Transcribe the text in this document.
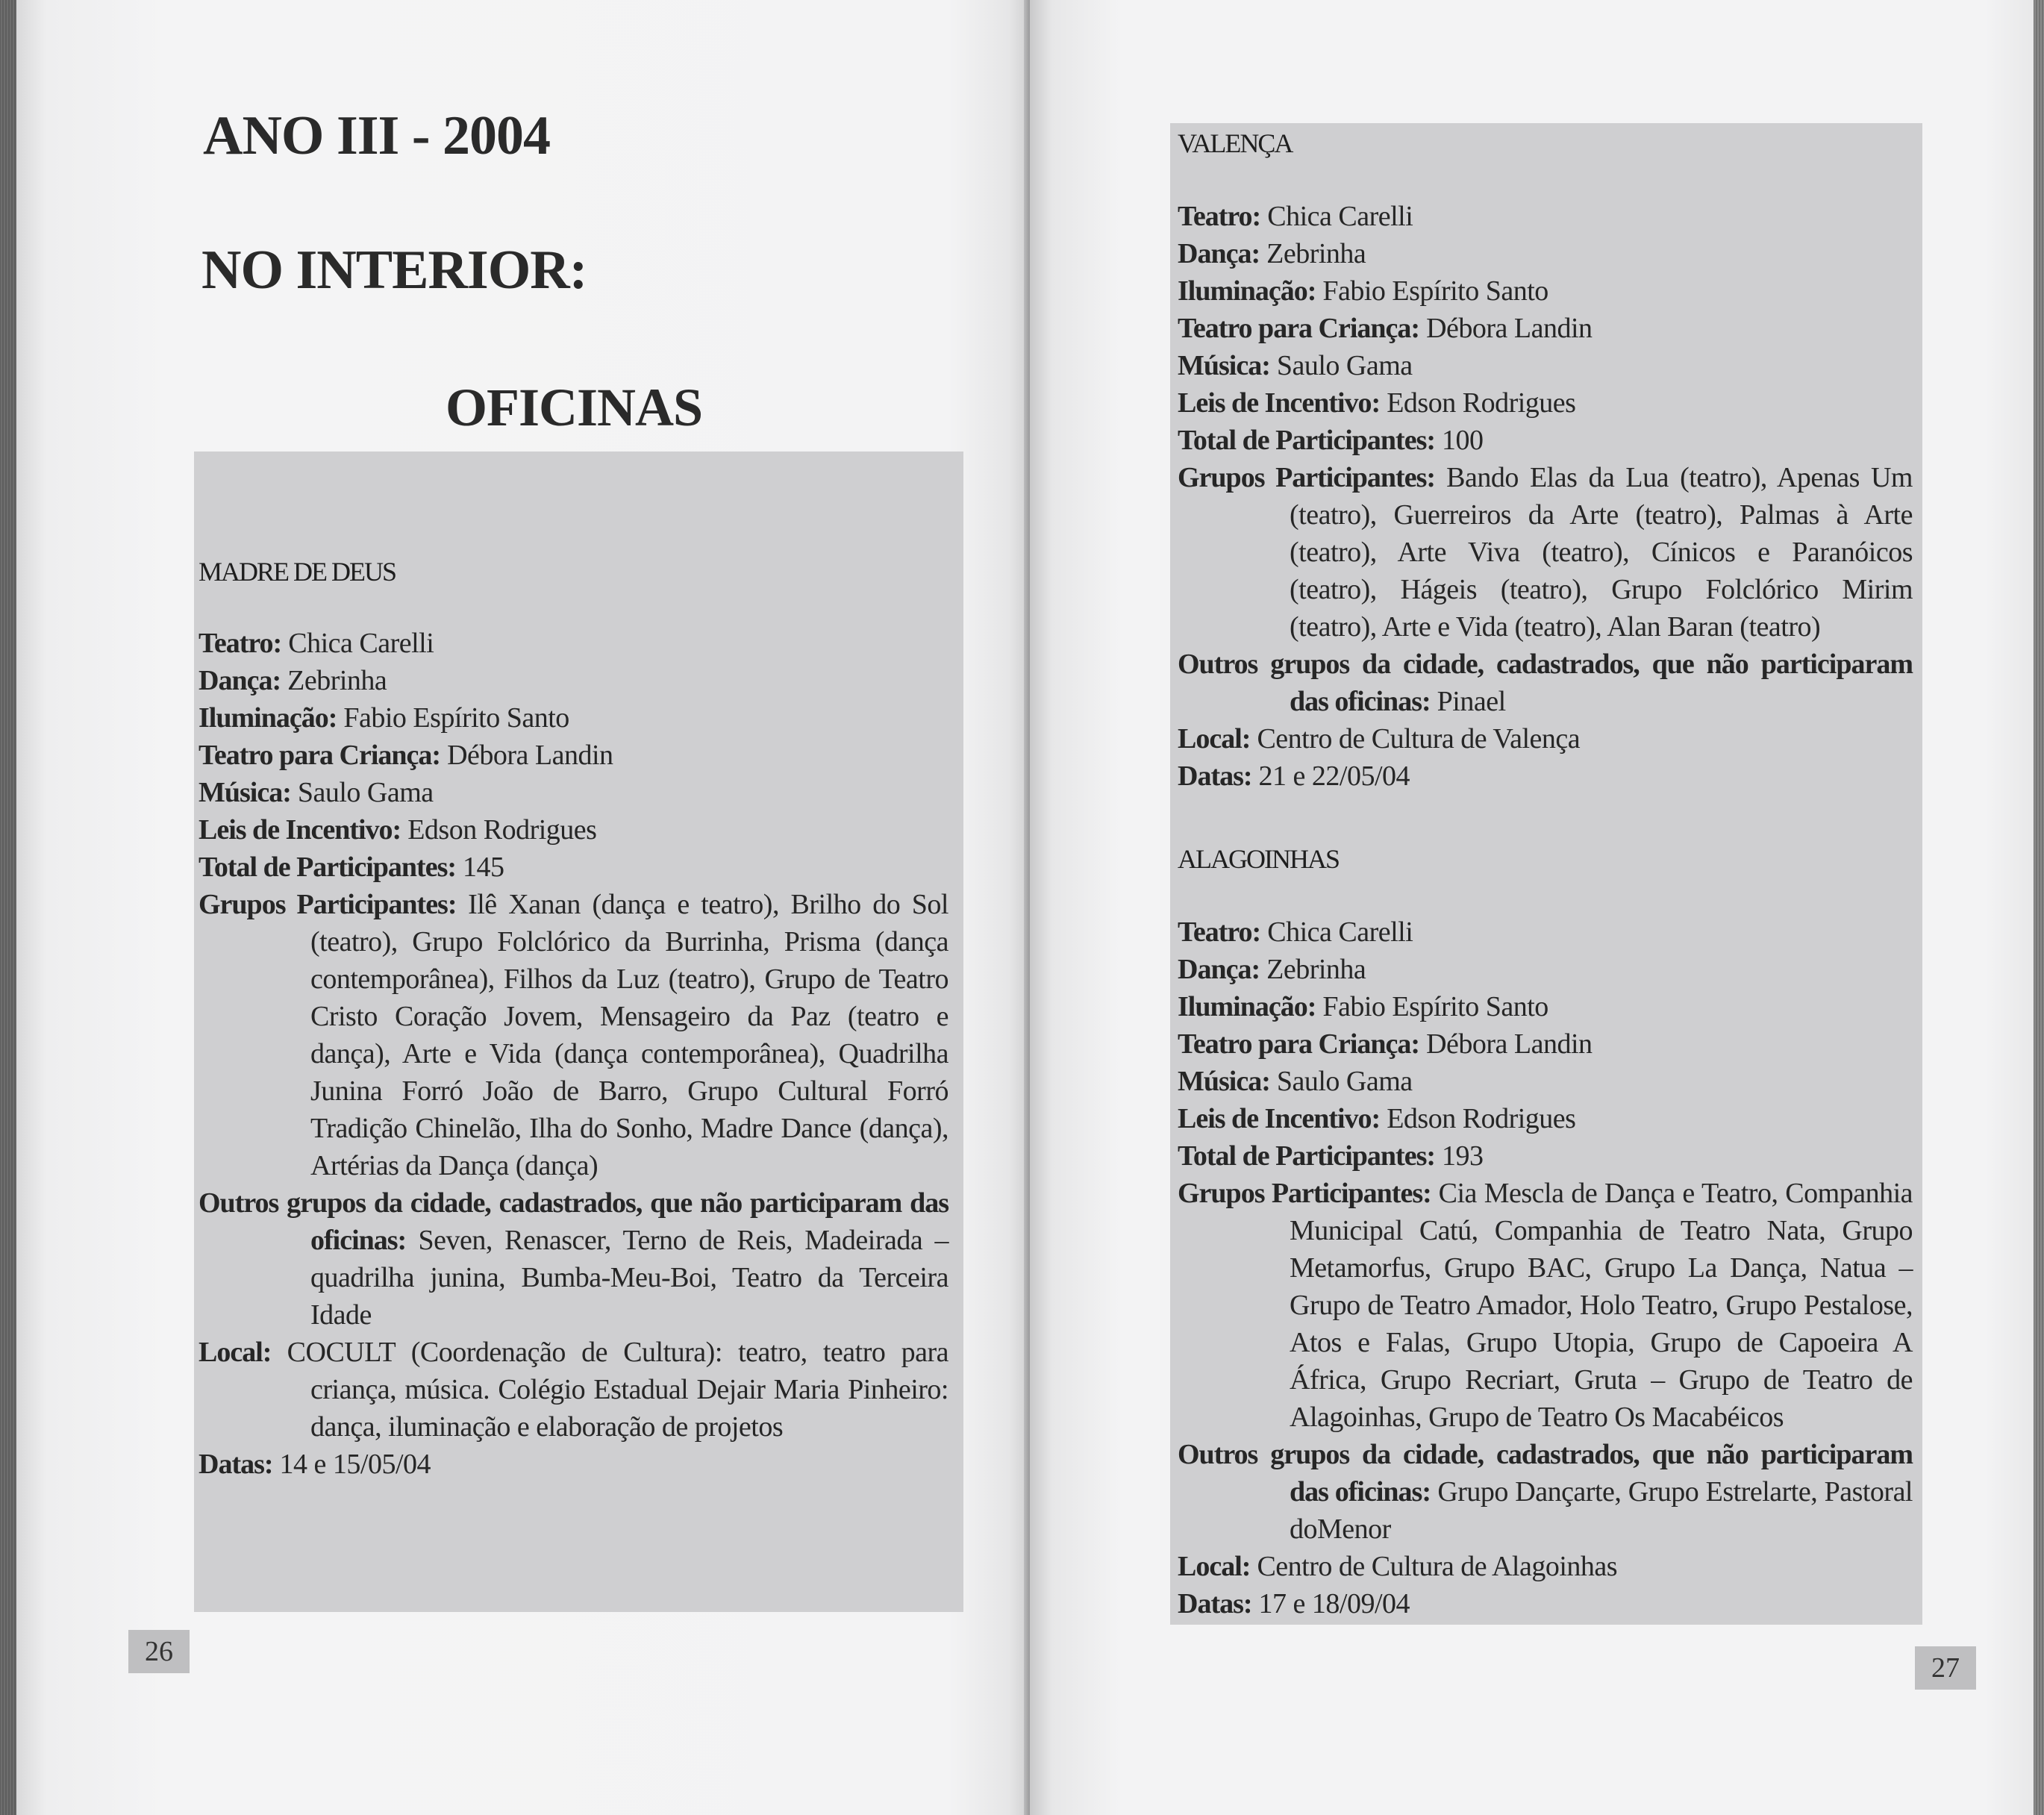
ANO III - 2004
NO INTERIOR:
OFICINAS

MADRE DE DEUS

Teatro: Chica Carelli

Dança: Zebrinha

Iluminação: Fabio Espírito Santo

Teatro para Criança: Débora Landin

Música: Saulo Gama

Leis de Incentivo: Edson Rodrigues

Total de Participantes: 145

Grupos Participantes: Ilê Xanan (dança e teatro), Brilho do Sol (teatro), Grupo Folclórico da Burrinha, Prisma (dança contemporânea), Filhos da Luz (teatro), Grupo de Teatro Cristo Coração Jovem, Mensageiro da Paz (teatro e dança), Arte e Vida (dança contemporânea), Quadrilha Junina Forró João de Barro, Grupo Cultural Forró Tradição Chinelão, Ilha do Sonho, Madre Dance (dança), Artérias da Dança (dança)

Outros grupos da cidade, cadastrados, que não participaram das oficinas: Seven, Renascer, Terno de Reis, Madeirada –quadrilha junina, Bumba-Meu-Boi, Teatro da Terceira Idade

Local: COCULT (Coordenação de Cultura): teatro, teatro para criança, música. Colégio Estadual Dejair Maria Pinheiro: dança, iluminação e elaboração de projetos

Datas: 14 e 15/05/04

26

VALENÇA

Teatro: Chica Carelli

Dança: Zebrinha

Iluminação: Fabio Espírito Santo

Teatro para Criança: Débora Landin

Música: Saulo Gama

Leis de Incentivo: Edson Rodrigues

Total de Participantes: 100

Grupos Participantes: Bando Elas da Lua (teatro), Apenas Um (teatro), Guerreiros da Arte (teatro), Palmas à Arte (teatro), Arte Viva (teatro), Cínicos e Paranóicos (teatro), Hágeis (teatro), Grupo Folclórico Mirim (teatro), Arte e Vida (teatro), Alan Baran (teatro)

Outros grupos da cidade, cadastrados, que não participaram das oficinas: Pinael

Local: Centro de Cultura de Valença

Datas: 21 e 22/05/04

ALAGOINHAS

Teatro: Chica Carelli

Dança: Zebrinha

Iluminação: Fabio Espírito Santo

Teatro para Criança: Débora Landin

Música: Saulo Gama

Leis de Incentivo: Edson Rodrigues

Total de Participantes: 193

Grupos Participantes: Cia Mescla de Dança e Teatro, Companhia Municipal Catú, Companhia de Teatro Nata, Grupo Metamorfus, Grupo BAC, Grupo La Dança, Natua – Grupo de Teatro Amador, Holo Teatro, Grupo Pestalose, Atos e Falas, Grupo Utopia, Grupo de Capoeira A África, Grupo Recriart, Gruta – Grupo de Teatro de Alagoinhas, Grupo de Teatro Os Macabéicos

Outros grupos da cidade, cadastrados, que não participaram das oficinas: Grupo Dançarte, Grupo Estrelarte, Pastoral doMenor

Local: Centro de Cultura de Alagoinhas

Datas: 17 e 18/09/04

27
